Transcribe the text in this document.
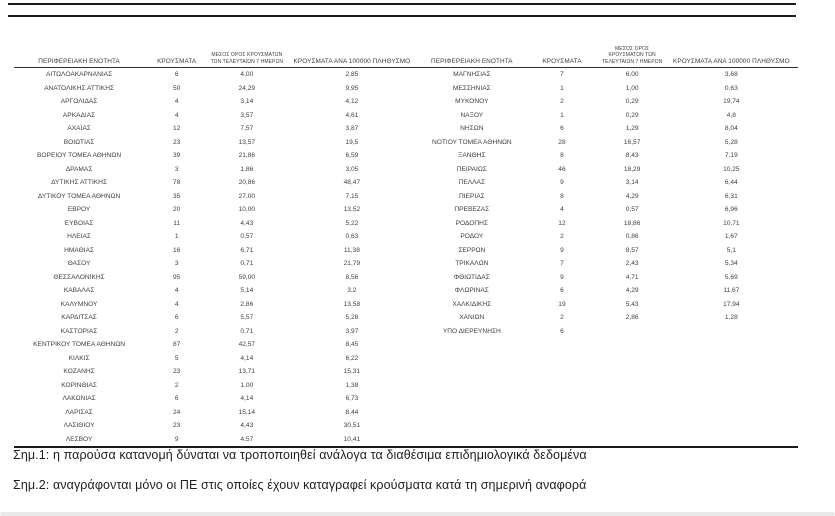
ΠΕΡΙΦΕΡΕΙΑΚΗ ΕΝΟΤΗΤΑ	ΚΡΟΥΣΜΑΤΑ	ΜΕΣΟΣ ΟΡΟΣ ΚΡΟΥΣΜΑΤΩΝ ΤΩΝ ΤΕΛΕΥΤΑΙΩΝ 7 ΗΜΕΡΩΝ	ΚΡΟΥΣΜΑΤΑ ΑΝΑ 100000 ΠΛΗΘΥΣΜΟ	ΠΕΡΙΦΕΡΕΙΑΚΗ ΕΝΟΤΗΤΑ	ΚΡΟΥΣΜΑΤΑ	ΜΕΣΟΣ ΟΡΟΣ ΚΡΟΥΣΜΑΤΩΝ ΤΩΝ ΤΕΛΕΥΤΑΙΩΝ 7 ΗΜΕΡΩΝ	ΚΡΟΥΣΜΑΤΑ ΑΝΑ 100000 ΠΛΗΘΥΣΜΟ
ΑΙΤΩΛΟΑΚΑΡΝΑΝΙΑΣ	6	4,00	2,85	ΜΑΓΝΗΣΙΑΣ	7	6,00	3,68
ΑΝΑΤΟΛΙΚΗΣ ΑΤΤΙΚΗΣ	50	24,29	9,95	ΜΕΣΣΗΝΙΑΣ	1	1,00	0,63
ΑΡΓΟΛΙΔΑΣ	4	3,14	4,12	ΜΥΚΟΝΟΥ	2	0,29	19,74
ΑΡΚΑΔΙΑΣ	4	3,57	4,61	ΝΑΞΟΥ	1	0,29	4,8
ΑΧΑΪΑΣ	12	7,57	3,87	ΝΗΣΩΝ	6	1,29	8,04
ΒΟΙΩΤΙΑΣ	23	13,57	19,5	ΝΟΤΙΟΥ ΤΟΜΕΑ ΑΘΗΝΩΝ	28	16,57	5,28
ΒΟΡΕΙΟΥ ΤΟΜΕΑ ΑΘΗΝΩΝ	39	21,86	6,59	ΞΑΝΘΗΣ	8	8,43	7,19
ΔΡΑΜΑΣ	3	1,86	3,05	ΠΕΙΡΑΙΩΣ	46	18,29	10,25
ΔΥΤΙΚΗΣ ΑΤΤΙΚΗΣ	78	20,86	48,47	ΠΕΛΛΑΣ	9	3,14	6,44
ΔΥΤΙΚΟΥ ΤΟΜΕΑ ΑΘΗΝΩΝ	35	27,00	7,15	ΠΙΕΡΙΑΣ	8	4,29	6,31
ΕΒΡΟΥ	20	10,00	13,52	ΠΡΕΒΕΖΑΣ	4	0,57	6,96
ΕΥΒΟΙΑΣ	11	4,43	5,22	ΡΟΔΟΠΗΣ	12	18,86	10,71
ΗΛΕΙΑΣ	1	0,57	0,63	ΡΟΔΟΥ	2	0,86	1,67
ΗΜΑΘΙΑΣ	16	6,71	11,38	ΣΕΡΡΩΝ	9	8,57	5,1
ΘΑΣΟΥ	3	0,71	21,79	ΤΡΙΚΑΛΩΝ	7	2,43	5,34
ΘΕΣΣΑΛΟΝΙΚΗΣ	95	59,00	8,56	ΦΘΙΩΤΙΔΑΣ	9	4,71	5,69
ΚΑΒΑΛΑΣ	4	5,14	3,2	ΦΛΩΡΙΝΑΣ	6	4,29	11,67
ΚΑΛΥΜΝΟΥ	4	2,86	13,58	ΧΑΛΚΙΔΙΚΗΣ	19	5,43	17,94
ΚΑΡΔΙΤΣΑΣ	6	5,57	5,28	ΧΑΝΙΩΝ	2	2,86	1,28
ΚΑΣΤΟΡΙΑΣ	2	0,71	3,97	ΥΠΟ ΔΙΕΡΕΥΝΗΣΗ	6		
ΚΕΝΤΡΙΚΟΥ ΤΟΜΕΑ ΑΘΗΝΩΝ	87	42,57	8,45				
ΚΙΛΚΙΣ	5	4,14	6,22				
ΚΟΖΑΝΗΣ	23	13,71	15,31				
ΚΟΡΙΝΘΙΑΣ	2	1,00	1,38				
ΛΑΚΩΝΙΑΣ	6	4,14	6,73				
ΛΑΡΙΣΑΣ	24	15,14	8,44				
ΛΑΣΙΘΙΟΥ	23	4,43	30,51				
ΛΕΣΒΟΥ	9	4,57	10,41				
Σημ.1: η παρούσα κατανομή δύναται να τροποποιηθεί ανάλογα τα διαθέσιμα επιδημιολογικά δεδομένα
Σημ.2: αναγράφονται μόνο οι ΠΕ στις οποίες έχουν καταγραφεί κρούσματα κατά τη σημερινή αναφορά
